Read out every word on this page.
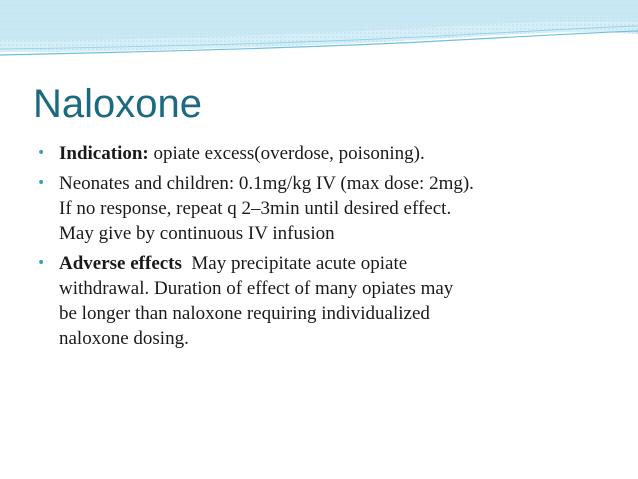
Naloxone
• Indication: opiate excess(overdose, poisoning).
• Neonates and children: 0.1mg/kg IV (max dose: 2mg).
If no response, repeat q 2–3min until desired effect.
May give by continuous IV infusion
• Adverse effects  May precipitate acute opiate
withdrawal. Duration of effect of many opiates may
be longer than naloxone requiring individualized
naloxone dosing.
